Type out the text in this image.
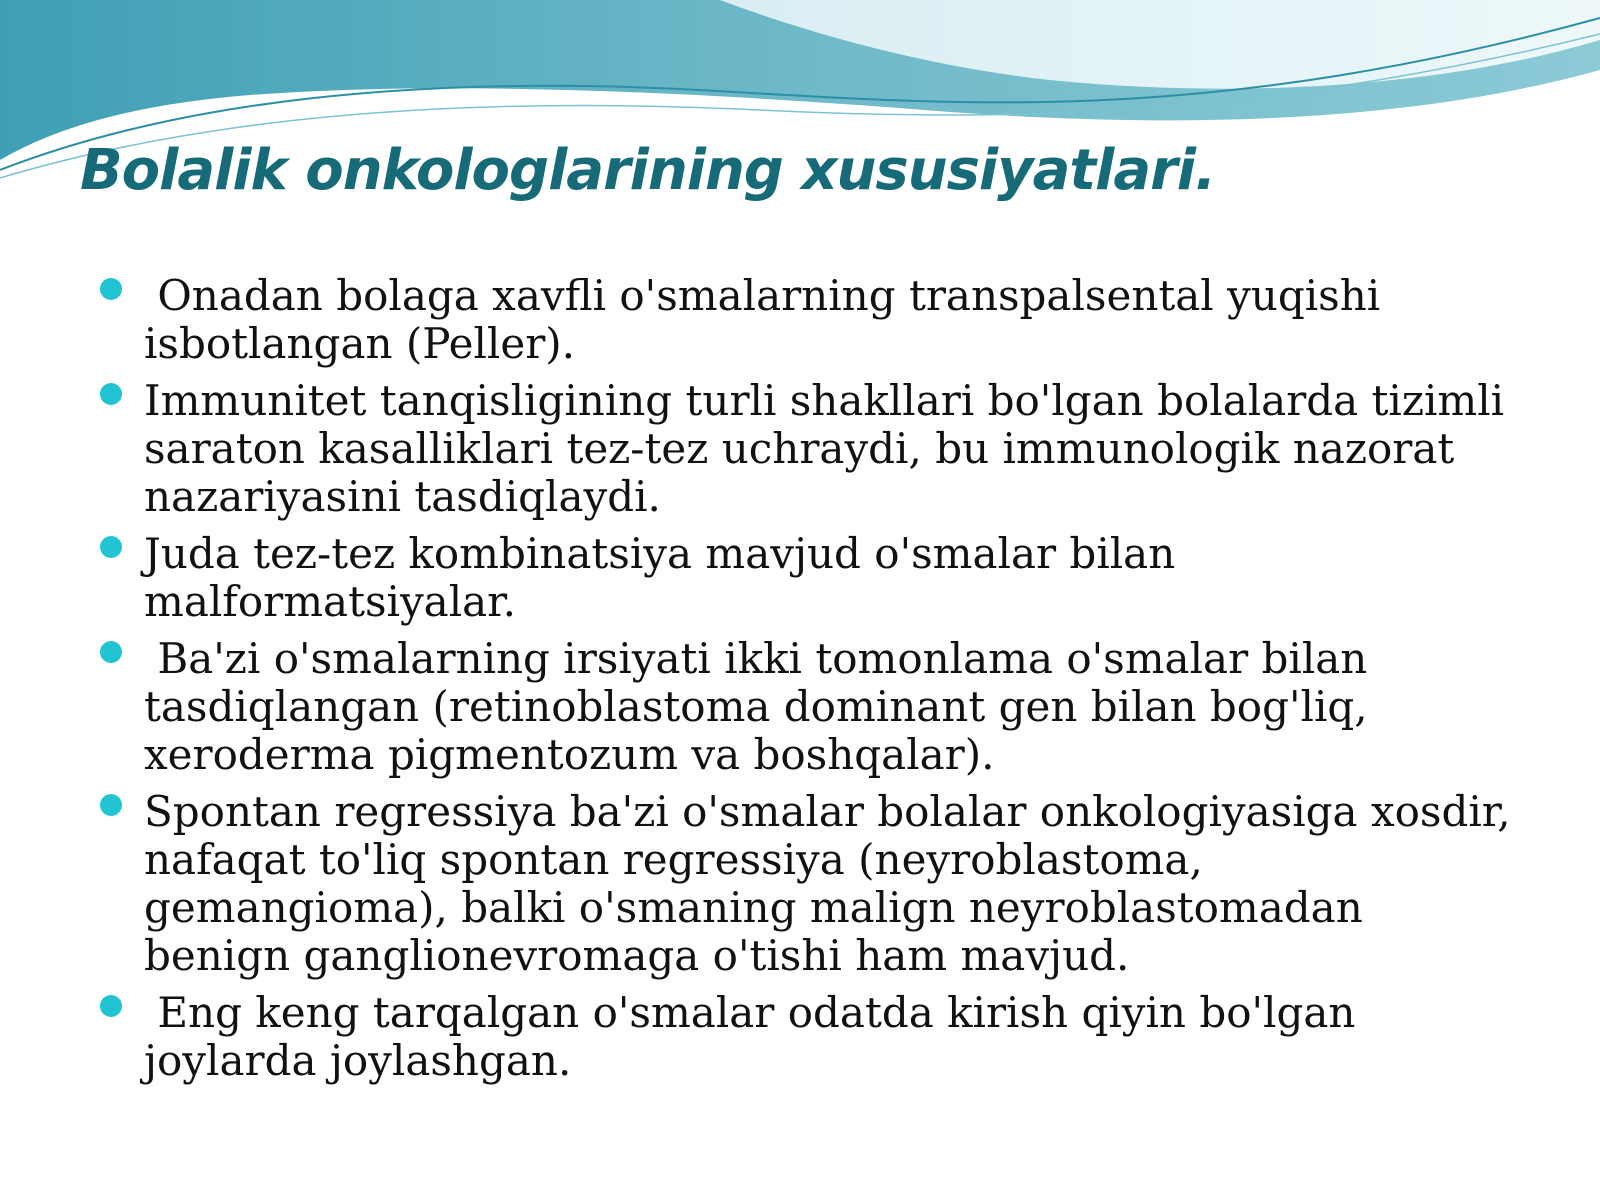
Bolalik onkologlarining xususiyatlari.
Onadan bolaga xavfli o'smalarning transpalsental yuqishi isbotlangan (Peller).
Immunitet tanqisligining turli shakllari bo'lgan bolalarda tizimli saraton kasalliklari tez-tez uchraydi, bu immunologik nazorat nazariyasini tasdiqlaydi.
Juda tez-tez kombinatsiya mavjud o'smalar bilan malformatsiyalar.
Ba'zi o'smalarning irsiyati ikki tomonlama o'smalar bilan tasdiqlangan (retinoblastoma dominant gen bilan bog'liq, xeroderma pigmentozum va boshqalar).
Spontan regressiya ba'zi o'smalar bolalar onkologiyasiga xosdir, nafaqat to'liq spontan regressiya (neyroblastoma, gemangioma), balki o'smaning malign neyroblastomadan benign ganglionevromaga o'tishi ham mavjud.
Eng keng tarqalgan o'smalar odatda kirish qiyin bo'lgan joylarda joylashgan.
